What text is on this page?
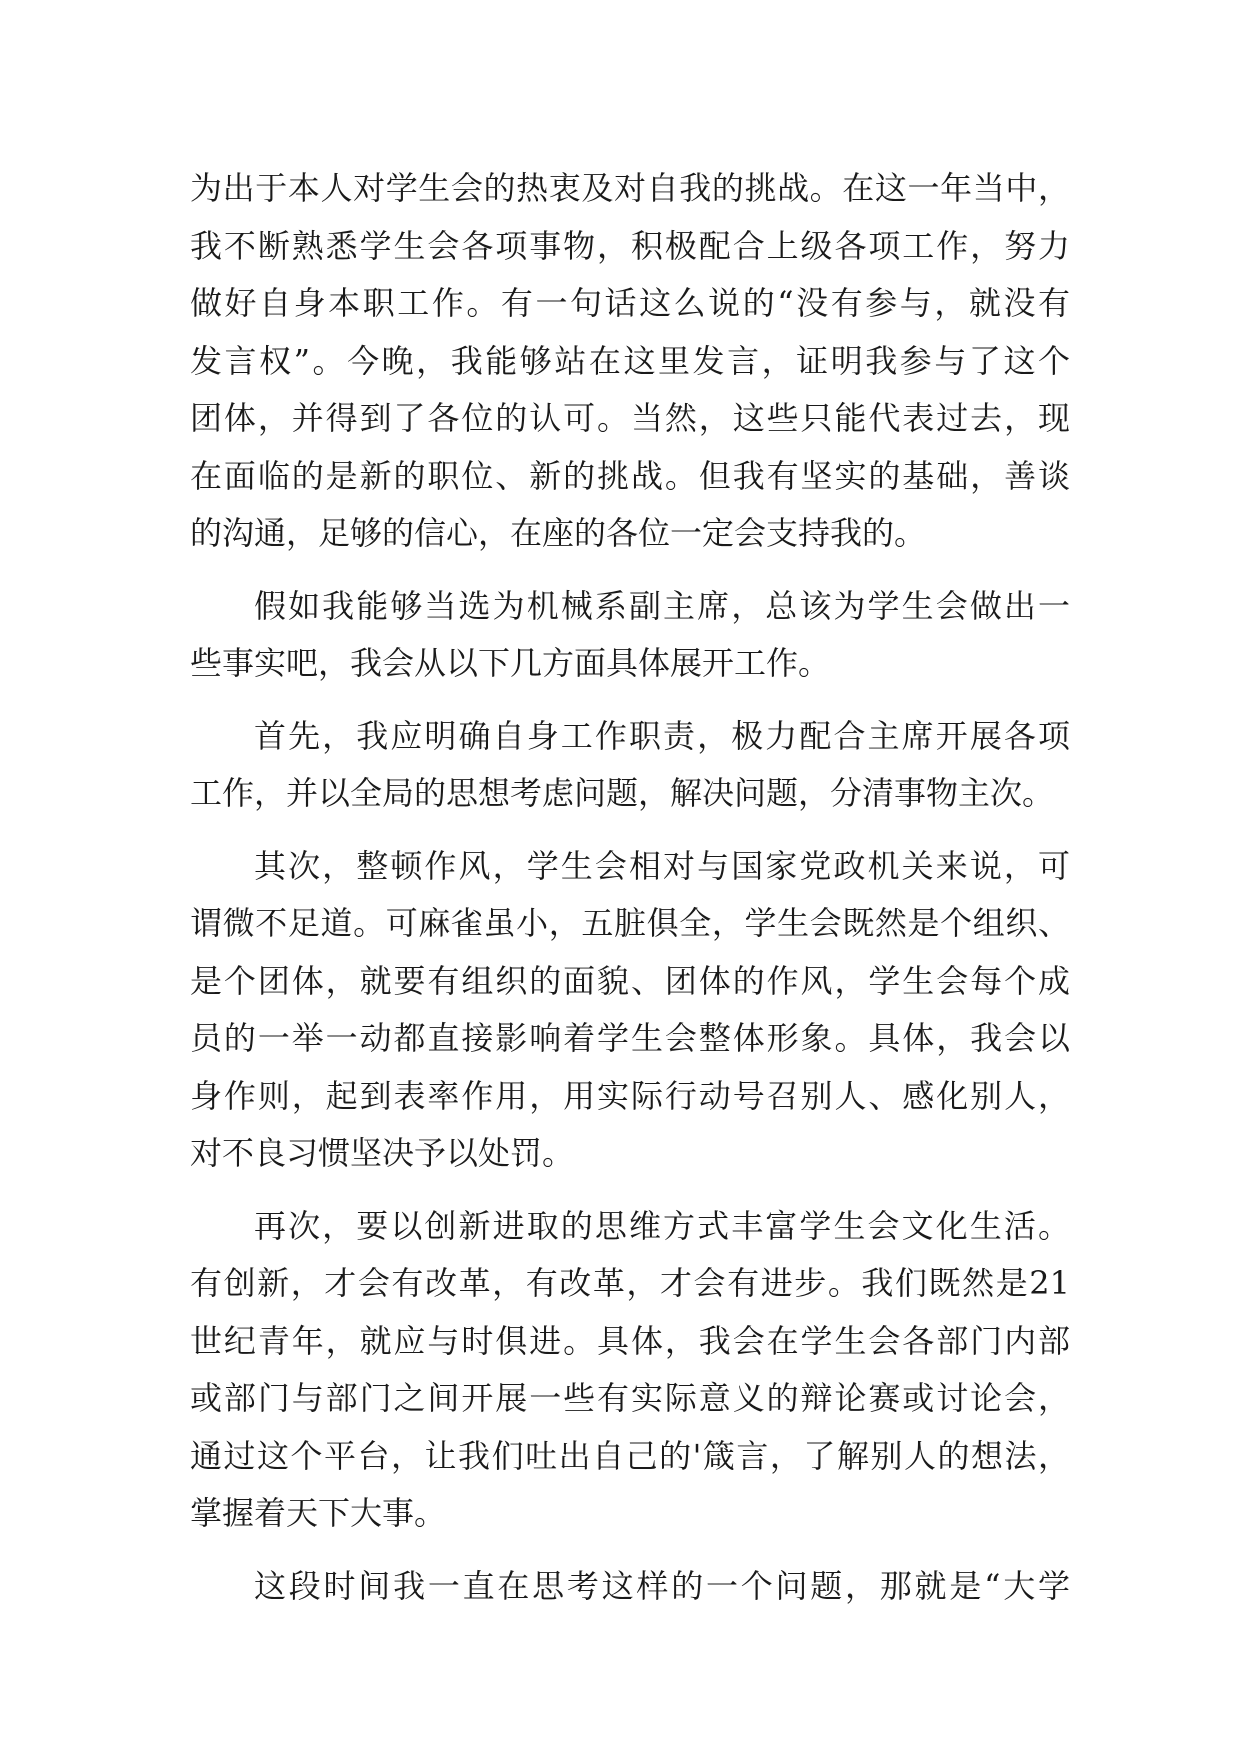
为出于本人对学生会的热衷及对自我的挑战。在这一年当中，
我不断熟悉学生会各项事物，积极配合上级各项工作，努力
做好自身本职工作。有一句话这么说的“没有参与，就没有
发言权”。今晚，我能够站在这里发言，证明我参与了这个
团体，并得到了各位的认可。当然，这些只能代表过去，现
在面临的是新的职位、新的挑战。但我有坚实的基础，善谈
的沟通，足够的信心，在座的各位一定会支持我的。
假如我能够当选为机械系副主席，总该为学生会做出一
些事实吧，我会从以下几方面具体展开工作。
首先，我应明确自身工作职责，极力配合主席开展各项
工作，并以全局的思想考虑问题，解决问题，分清事物主次。
其次，整顿作风，学生会相对与国家党政机关来说，可
谓微不足道。可麻雀虽小，五脏俱全，学生会既然是个组织、
是个团体，就要有组织的面貌、团体的作风，学生会每个成
员的一举一动都直接影响着学生会整体形象。具体，我会以
身作则，起到表率作用，用实际行动号召别人、感化别人，
对不良习惯坚决予以处罚。
再次，要以创新进取的思维方式丰富学生会文化生活。
有创新，才会有改革，有改革，才会有进步。我们既然是21
世纪青年，就应与时俱进。具体，我会在学生会各部门内部
或部门与部门之间开展一些有实际意义的辩论赛或讨论会，
通过这个平台，让我们吐出自己的'箴言，了解别人的想法，
掌握着天下大事。
这段时间我一直在思考这样的一个问题，那就是“大学
